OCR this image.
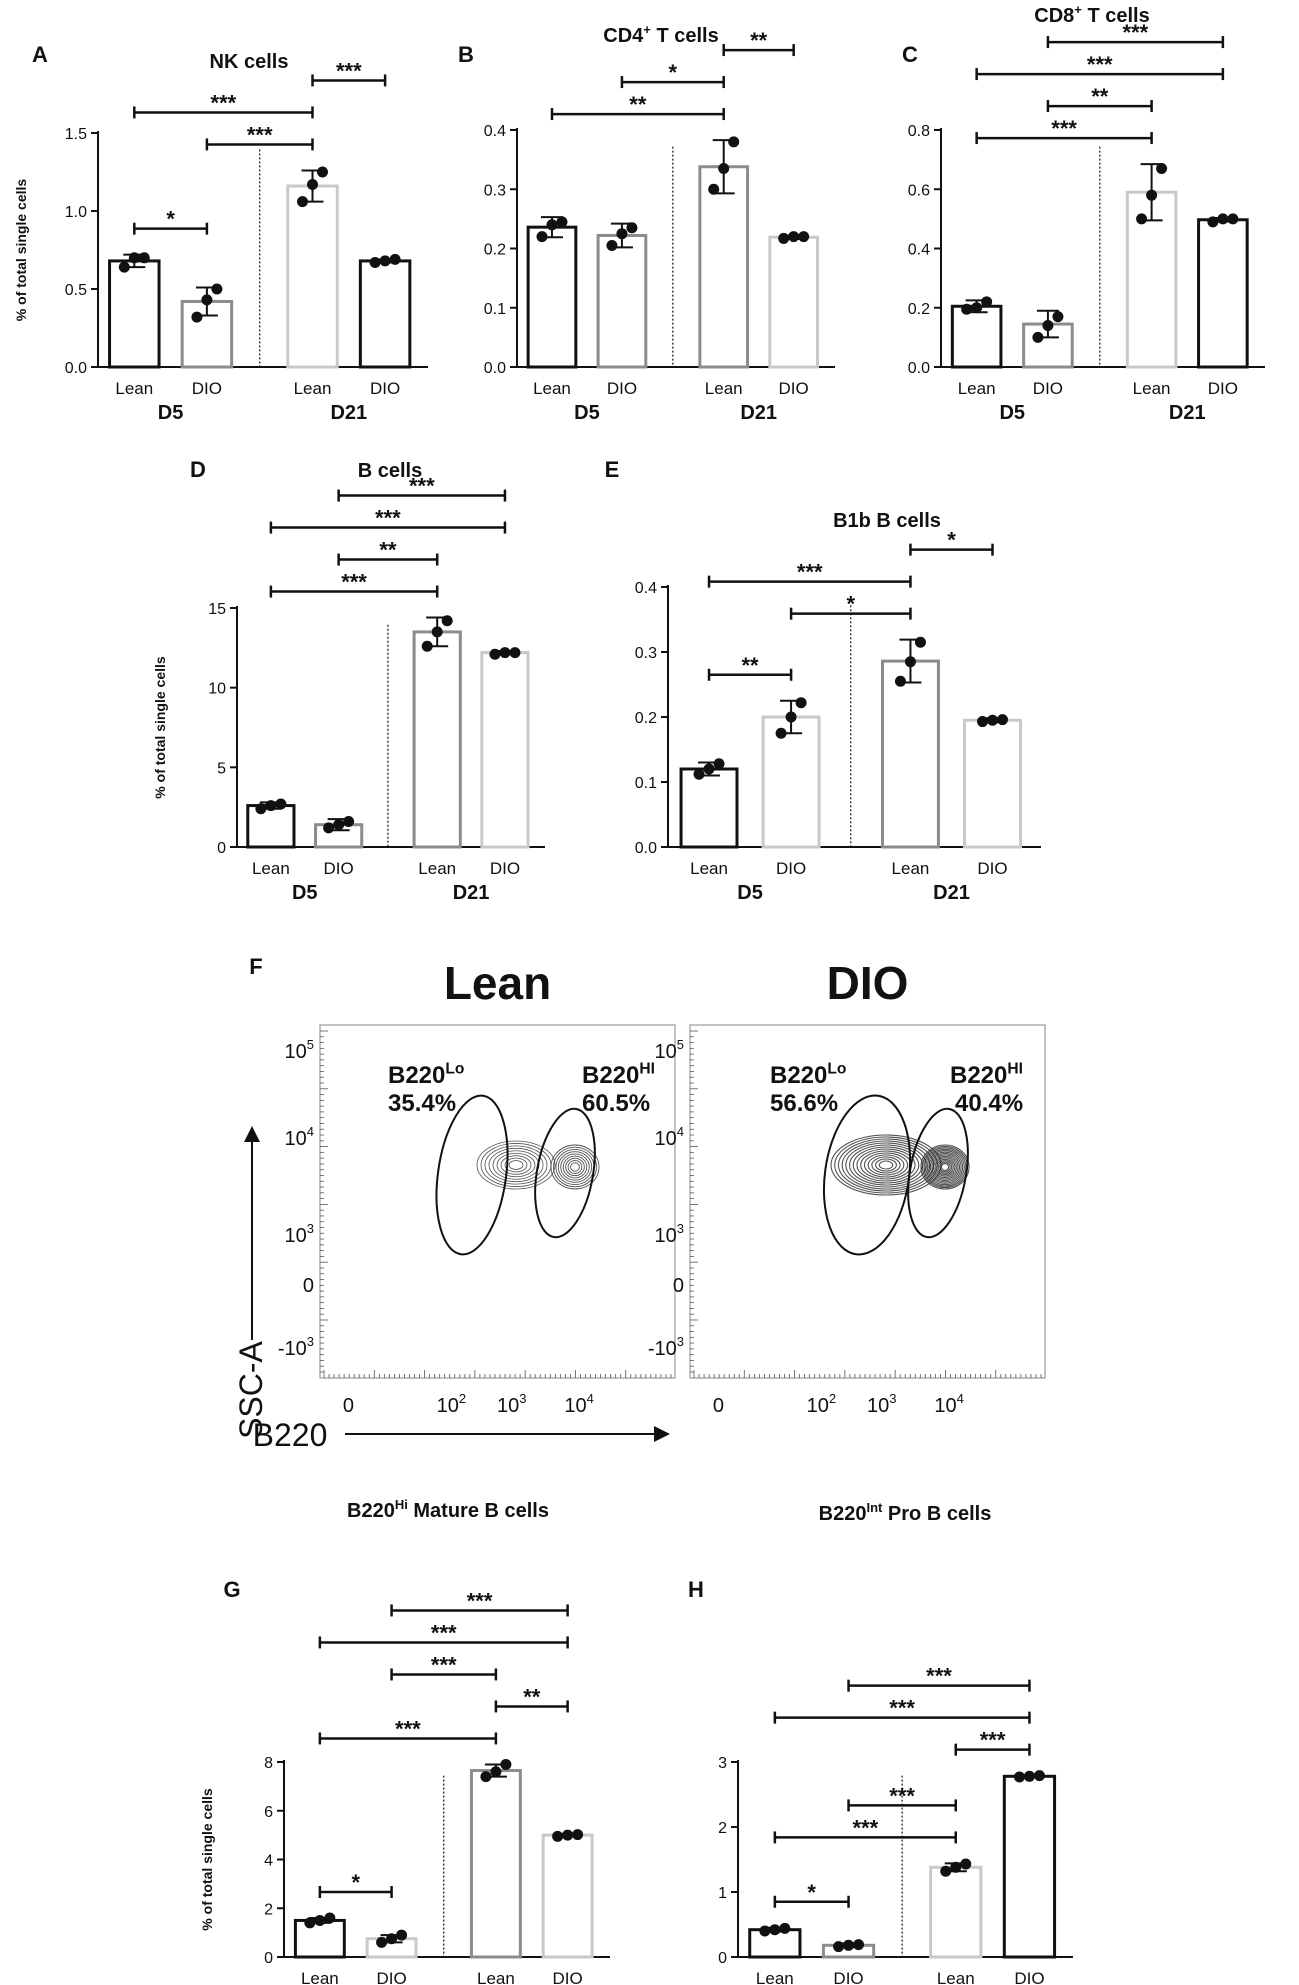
A	NK cells
0.0
0.5
1.0
1.5
% of total single cells
Lean DIO	Lean DIO
D5	D21
*
***
***
***
B
CD4+ T cells
0.0
0.1
0.2
0.3
0.4
Lean DIO	Lean DIO
D5	D21
**
*
**
C
CD8+ T cells
0.0
0.2
0.4
0.6
0.8
Lean DIO	Lean DIO
D5	D21
***
**
***
***
D	B cells
0
5
10
15
% of total single cells
Lean DIO	Lean DIO
D5	D21
***
**
***
***
E
B1b B cells
0.0
0.1
0.2
0.3
0.4
Lean	DIO	Lean	DIO
D5	D21
**
*
***
*
G
$B220^{Hi}$ Mature B cells
0
2
4
6
8
% of total single cells
Lean DIO	Lean DIO
*
***
**
***
***
***	H
$B220^{Int}$ Pro B cells
0
1
2
3
Lean DIO	Lean DIO
*
***
***
***
***
***
F	Lean
$10^5$
$10^4$
$10^3$
0
$-10^3$
0	$10^2$ $10^3$ $10^4$
$B220^{Lo}$
35.4%
$B220^{HI}$
60.5%
DIO
$10^5$
$10^4$
$10^3$
0
$-10^3$
0	$10^2$ $10^3$ $10^4$
$B220^{Lo}$
56.6%
$B220^{HI}$
40.4%
SSC-A
B220
